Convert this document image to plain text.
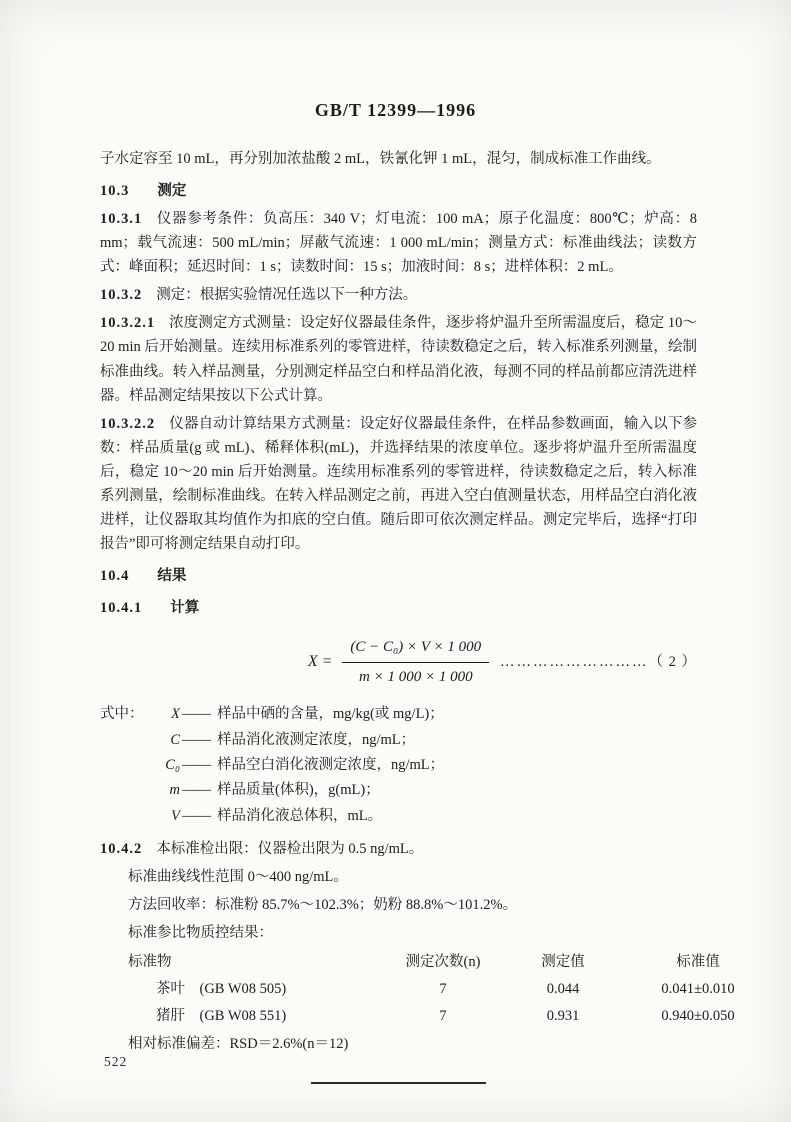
GB/T 12399—1996

子水定容至 10 mL，再分别加浓盐酸 2 mL，铁氰化钾 1 mL，混匀，制成标准工作曲线。

10.3 测定

10.3.1 仪器参考条件：负高压：340 V；灯电流：100 mA；原子化温度：800℃；炉高：8 mm；载气流速：500 mL/min；屏蔽气流速：1 000 mL/min；测量方式：标准曲线法；读数方式：峰面积；延迟时间：1 s；读数时间：15 s；加液时间：8 s；进样体积：2 mL。

10.3.2 测定：根据实验情况任选以下一种方法。

10.3.2.1 浓度测定方式测量：设定好仪器最佳条件，逐步将炉温升至所需温度后，稳定 10～20 min 后开始测量。连续用标准系列的零管进样，待读数稳定之后，转入标准系列测量，绘制标准曲线。转入样品测量，分别测定样品空白和样品消化液，每测不同的样品前都应清洗进样器。样品测定结果按以下公式计算。

10.3.2.2 仪器自动计算结果方式测量：设定好仪器最佳条件，在样品参数画面，输入以下参数：样品质量(g 或 mL)、稀释体积(mL)，并选择结果的浓度单位。逐步将炉温升至所需温度后，稳定 10～20 min 后开始测量。连续用标准系列的零管进样，待读数稳定之后，转入标准系列测量，绘制标准曲线。在转入样品测定之前，再进入空白值测量状态，用样品空白消化液进样，让仪器取其均值作为扣底的空白值。随后即可依次测定样品。测定完毕后，选择“打印报告”即可将测定结果自动打印。

10.4 结果

10.4.1 计算

$X = \frac{\text{(C − C₀) × V × 1 000}}{m \times 1 000 \times 1 000}$ ………………………（ 2 ）
式中：	X —— 样品中硒的含量，mg/kg(或 mg/L)；
C —— 样品消化液测定浓度，ng/mL；
C₀ —— 样品空白消化液测定浓度，ng/mL；
m —— 样品质量(体积)，g(mL)；
V —— 样品消化液总体积，mL。

10.4.2 本标准检出限：仪器检出限为 0.5 ng/mL。

标准曲线线性范围 0～400 ng/mL。

方法回收率：标准粉 85.7%～102.3%；奶粉 88.8%～101.2%。

标准参比物质控结果：

标准物	测定次数(n)	测定值	标准值
茶叶　(GB W08 505)	7	0.044	0.041±0.010
猪肝　(GB W08 551)	7	0.931	0.940±0.050

相对标准偏差：RSD＝2.6%(n＝12)

522
